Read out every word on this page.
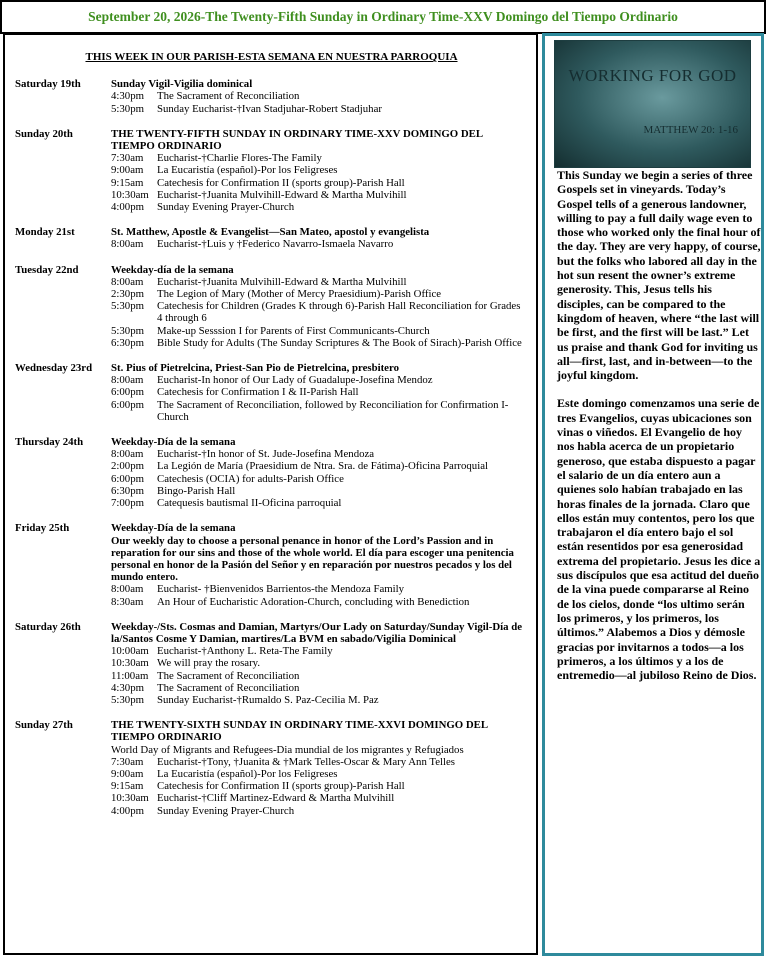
September 20, 2026-The Twenty-Fifth Sunday in Ordinary Time-XXV Domingo del Tiempo Ordinario
THIS WEEK IN OUR PARISH-ESTA SEMANA EN NUESTRA PARROQUIA
Saturday 19th	Sunday Vigil-Vigilia dominical
4:30pm	The Sacrament of Reconciliation
5:30pm	Sunday Eucharist-†Ivan Stadjuhar-Robert Stadjuhar
Sunday 20th	THE TWENTY-FIFTH SUNDAY IN ORDINARY TIME-XXV DOMINGO DEL TIEMPO ORDINARIO
7:30am	Eucharist-†Charlie Flores-The Family
9:00am	La Eucaristía (español)-Por los Feligreses
9:15am	Catechesis for Confirmation II (sports group)-Parish Hall
10:30am Eucharist-†Juanita Mulvihill-Edward & Martha Mulvihill
4:00pm	Sunday Evening Prayer-Church
Monday 21st	St. Matthew, Apostle & Evangelist—San Mateo, apostol y evangelista
8:00am	Eucharist-†Luis y †Federico Navarro-Ismaela Navarro
Tuesday 22nd	Weekday-día de la semana
8:00am	Eucharist-†Juanita Mulvihill-Edward & Martha Mulvihill
2:30pm	The Legion of Mary (Mother of Mercy Praesidium)-Parish Office
5:30pm	Catechesis for Children (Grades K through 6)-Parish Hall Reconciliation for Grades 4 through 6
5:30pm	Make-up Sesssion I for Parents of First Communicants-Church
6:30pm	Bible Study for Adults (The Sunday Scriptures & The Book of Sirach)-Parish Office
Wednesday 23rd	St. Pius of Pietrelcina, Priest-San Pio de Pietrelcina, presbitero
8:00am	Eucharist-In honor of Our Lady of Guadalupe-Josefina Mendoz
6:00pm	Catechesis for Confirmation I & II-Parish Hall
6:00pm	The Sacrament of Reconciliation, followed by Reconciliation for Confirmation I-Church
Thursday 24th	Weekday-Día de la semana
8:00am	Eucharist-†In honor of St. Jude-Josefina Mendoza
2:00pm	La Legión de María (Praesidium de Ntra. Sra. de Fátima)-Oficina Parroquial
6:00pm	Catechesis (OCIA) for adults-Parish Office
6:30pm	Bingo-Parish Hall
7:00pm	Catequesis bautismal II-Oficina parroquial
Friday 25th	Weekday-Día de la semana
Our weekly day to choose a personal penance in honor of the Lord’s Passion and in reparation for our sins and those of the whole world. El día para escoger una penitencia personal en honor de la Pasión del Señor y en reparación por nuestros pecados y los del mundo entero.
8:00am	Eucharist- †Bienvenidos Barrientos-the Mendoza Family
8:30am	An Hour of Eucharistic Adoration-Church, concluding with Benediction
Saturday 26th	Weekday-/Sts. Cosmas and Damian, Martyrs/Our Lady on Saturday/Sunday Vigil-Día de la/Santos Cosme Y Damian, martires/La BVM en sabado/Vigilia Dominical
10:00am Eucharist-†Anthony L. Reta-The Family
10:30am We will pray the rosary.
11:00am The Sacrament of Reconciliation
4:30pm	The Sacrament of Reconciliation
5:30pm	Sunday Eucharist-†Rumaldo S. Paz-Cecilia M. Paz
Sunday 27th	THE TWENTY-SIXTH SUNDAY IN ORDINARY TIME-XXVI DOMINGO DEL TIEMPO ORDINARIO
World Day of Migrants and Refugees-Dia mundial de los migrantes y Refugiados
7:30am	Eucharist-†Tony, †Juanita & †Mark Telles-Oscar & Mary Ann Telles
9:00am	La Eucaristía (español)-Por los Feligreses
9:15am	Catechesis for Confirmation II (sports group)-Parish Hall
10:30am Eucharist-†Cliff Martinez-Edward & Martha Mulvihill
4:00pm	Sunday Evening Prayer-Church
WORKING FOR GOD
MATTHEW 20: 1-16

This Sunday we begin a series of three Gospels set in vineyards. Today’s Gospel tells of a generous landowner, willing to pay a full daily wage even to those who worked only the final hour of the day. They are very happy, of course, but the folks who labored all day in the hot sun resent the owner’s extreme generosity. This, Jesus tells his disciples, can be compared to the kingdom of heaven, where “the last will be first, and the first will be last.” Let us praise and thank God for inviting us all—first, last, and in-between—to the joyful kingdom.

Este domingo comenzamos una serie de tres Evangelios, cuyas ubicaciones son vinas o viñedos. El Evangelio de hoy nos habla acerca de un propietario generoso, que estaba dispuesto a pagar el salario de un día entero aun a quienes solo habían trabajado en las horas finales de la jornada. Claro que ellos están muy contentos, pero los que trabajaron el día entero bajo el sol están resentidos por esa generosidad extrema del propietario. Jesus les dice a sus discípulos que esa actitud del dueño de la vina puede compararse al Reino de los cielos, donde “los ultimo serán los primeros, y los primeros, los últimos.” Alabemos a Dios y démosle gracias por invitarnos a todos—a los primeros, a los últimos y a los de entremedio—al jubiloso Reino de Dios.
